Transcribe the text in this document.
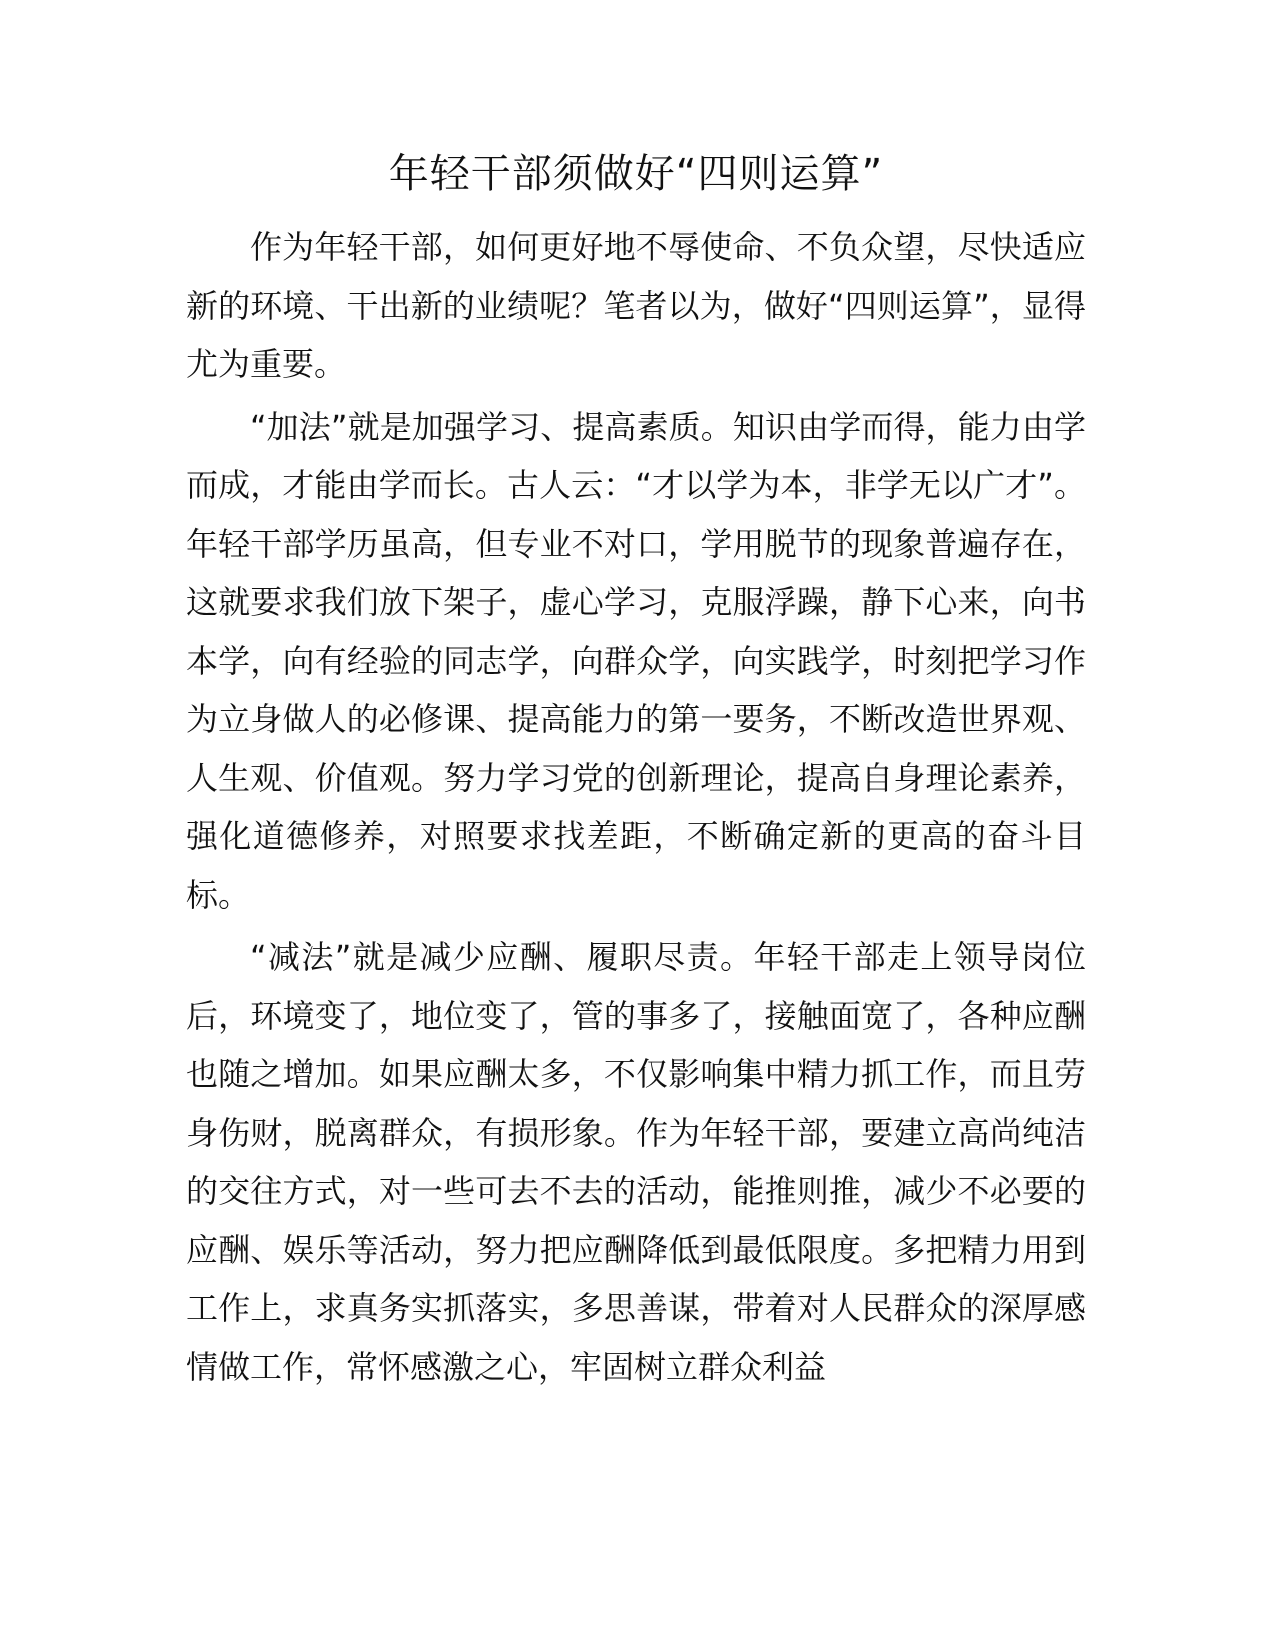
年轻干部须做好“四则运算”

作为年轻干部，如何更好地不辱使命、不负众望，尽快适应新的环境、干出新的业绩呢？笔者以为，做好“四则运算”，显得尤为重要。

“加法”就是加强学习、提高素质。知识由学而得，能力由学而成，才能由学而长。古人云：“才以学为本，非学无以广才”。年轻干部学历虽高，但专业不对口，学用脱节的现象普遍存在，这就要求我们放下架子，虚心学习，克服浮躁，静下心来，向书本学，向有经验的同志学，向群众学，向实践学，时刻把学习作为立身做人的必修课、提高能力的第一要务，不断改造世界观、人生观、价值观。努力学习党的创新理论，提高自身理论素养，强化道德修养，对照要求找差距，不断确定新的更高的奋斗目标。

“减法”就是减少应酬、履职尽责。年轻干部走上领导岗位后，环境变了，地位变了，管的事多了，接触面宽了，各种应酬也随之增加。如果应酬太多，不仅影响集中精力抓工作，而且劳身伤财，脱离群众，有损形象。作为年轻干部，要建立高尚纯洁的交往方式，对一些可去不去的活动，能推则推，减少不必要的应酬、娱乐等活动，努力把应酬降低到最低限度。多把精力用到工作上，求真务实抓落实，多思善谋，带着对人民群众的深厚感情做工作，常怀感激之心，牢固树立群众利益
